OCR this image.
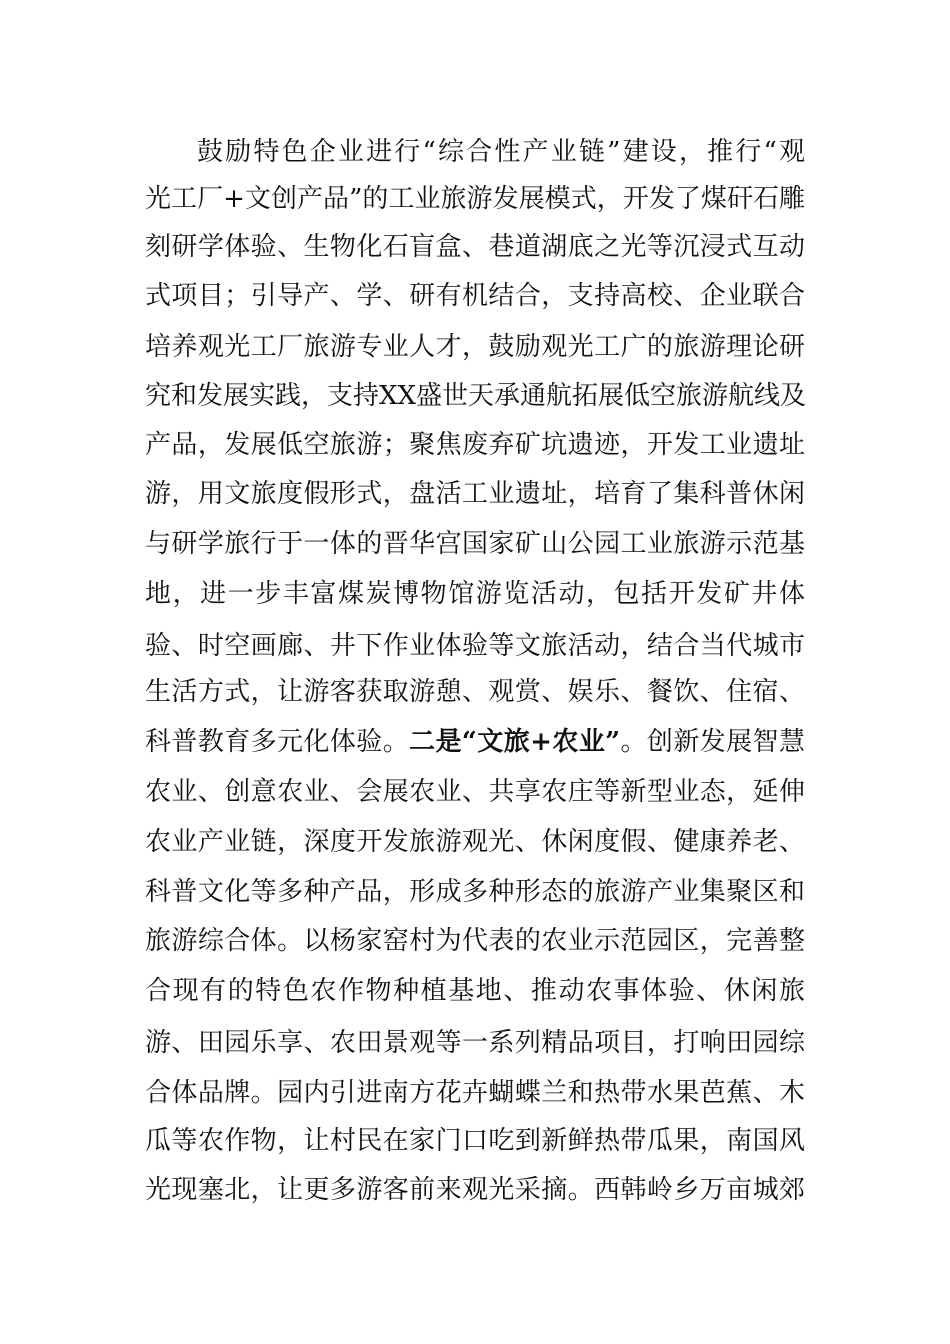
鼓励特色企业进行“综合性产业链”建设，推行“观
光工厂+文创产品”的工业旅游发展模式，开发了煤矸石雕
刻研学体验、生物化石盲盒、巷道湖底之光等沉浸式互动
式项目；引导产、学、研有机结合，支持高校、企业联合
培养观光工厂旅游专业人才，鼓励观光工广的旅游理论研
究和发展实践，支持XX盛世天承通航拓展低空旅游航线及
产品，发展低空旅游；聚焦废弃矿坑遗迹，开发工业遗址
游，用文旅度假形式，盘活工业遗址，培育了集科普休闲
与研学旅行于一体的晋华宫国家矿山公园工业旅游示范基
地，进一步丰富煤炭博物馆游览活动，包括开发矿井体
验、时空画廊、井下作业体验等文旅活动，结合当代城市
生活方式，让游客获取游憩、观赏、娱乐、餐饮、住宿、
科普教育多元化体验。二是“文旅+农业”。创新发展智慧
农业、创意农业、会展农业、共享农庄等新型业态，延伸
农业产业链，深度开发旅游观光、休闲度假、健康养老、
科普文化等多种产品，形成多种形态的旅游产业集聚区和
旅游综合体。以杨家窑村为代表的农业示范园区，完善整
合现有的特色农作物种植基地、推动农事体验、休闲旅
游、田园乐享、农田景观等一系列精品项目，打响田园综
合体品牌。园内引进南方花卉蝴蝶兰和热带水果芭蕉、木
瓜等农作物，让村民在家门口吃到新鲜热带瓜果，南国风
光现塞北，让更多游客前来观光采摘。西韩岭乡万亩城郊
